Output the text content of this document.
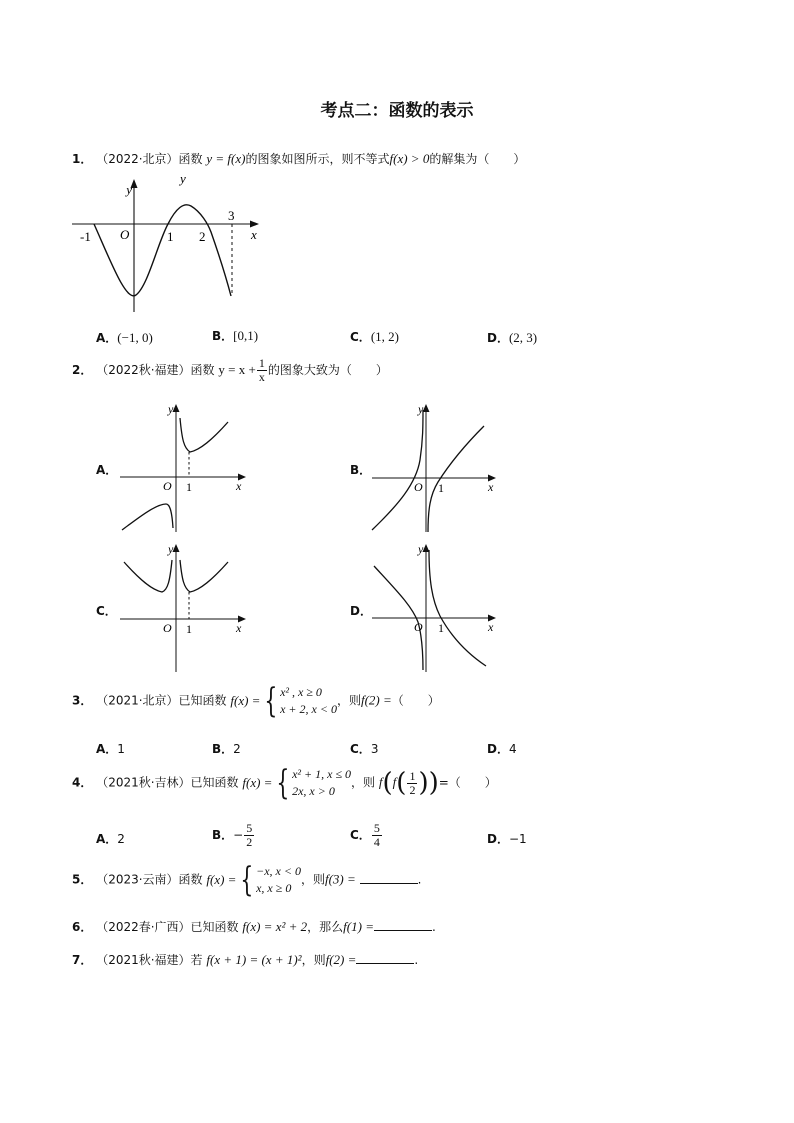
考点二：函数的表示
1． （2022·北京）函数 y = f(x)的图象如图所示，则不等式f(x) > 0的解集为（　　）
y
y
x
O
-1	1 2
3
A．(−1, 0)	B．[0,1)	C．(1, 2)	D．(2, 3)
2． （2022秋·福建）函数 $y = x + \frac{1}{x}$ 的图象大致为（　　）
A．
y
x
O 1
B．
y
x
O 1
C．
y
x
O 1
D．
y
x
O 1
3． （2021·北京）已知函数 f(x) = { x² , x ≥ 0
x + 2, x < 0
，则f(2) =（　　）
A．1	B．2	C．3	D．4
4． （2021秋·吉林）已知函数 f(x) = { x² + 1, x ≤ 0
2x, x > 0
，则 $f(f( \frac{1}{2}$ ))=（　　）
A．2	B．− $\frac{5}{2}$	C． $\frac{5}{4}$	D．−1
5． （2023·云南）函数 f(x) = { −x, x < 0
x, x ≥ 0
，则f(3) =	.
6． （2022春·广西）已知函数 f(x) = x² + 2，那么f(1) =	.
7． （2021秋·福建）若 f(x + 1) = (x + 1)²，则f(2) =	.
